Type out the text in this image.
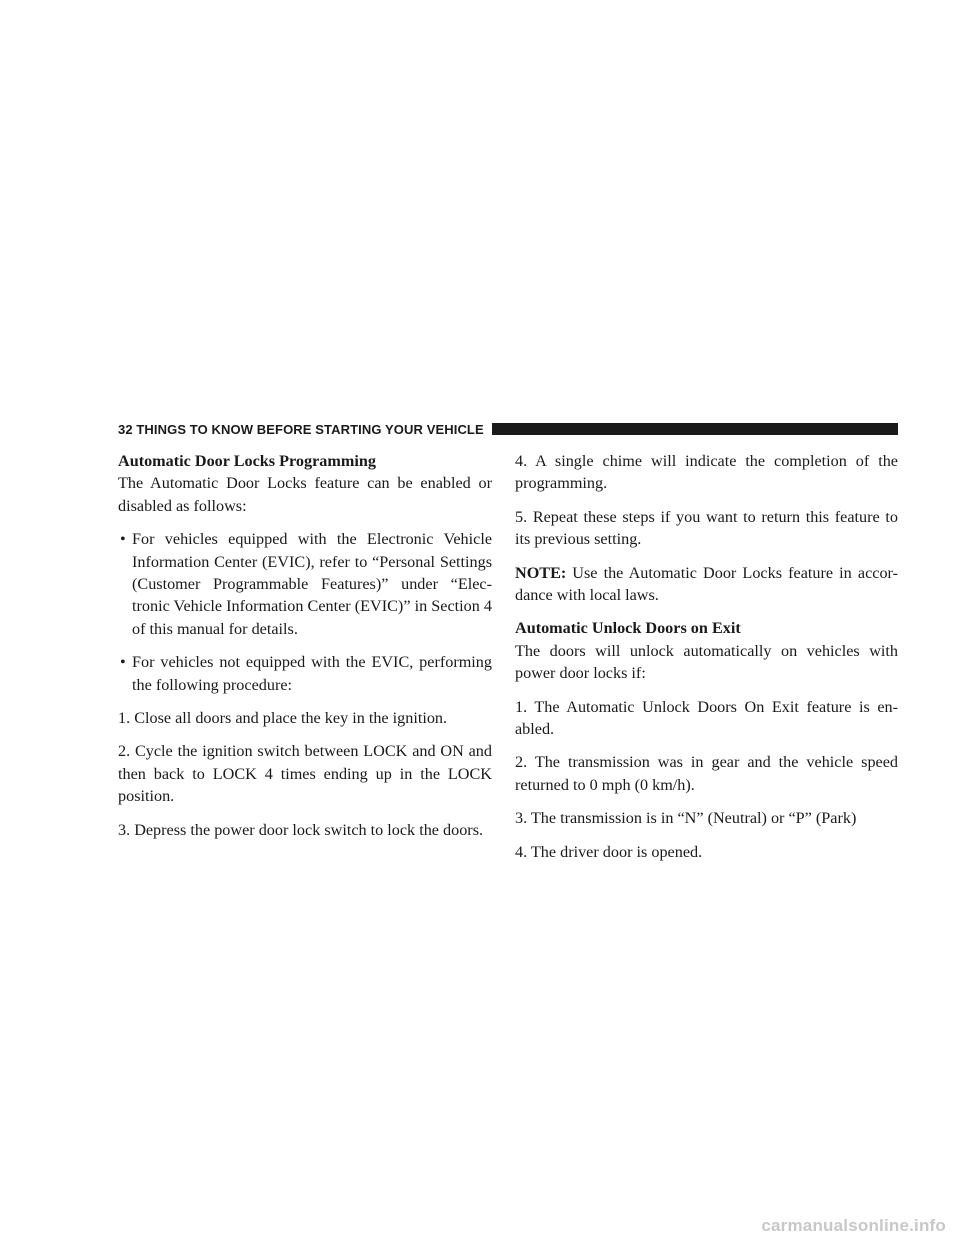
32 THINGS TO KNOW BEFORE STARTING YOUR VEHICLE
Automatic Door Locks Programming

The Automatic Door Locks feature can be enabled or disabled as follows:

• For vehicles equipped with the Electronic Vehicle Information Center (EVIC), refer to “Personal Settings (Customer Programmable Features)” under “Elec- tronic Vehicle Information Center (EVIC)” in Section 4 of this manual for details.
• For vehicles not equipped with the EVIC, performing the following procedure:

1. Close all doors and place the key in the ignition.

2. Cycle the ignition switch between LOCK and ON and then back to LOCK 4 times ending up in the LOCK position.

3. Depress the power door lock switch to lock the doors.

4. A single chime will indicate the completion of the programming.

5. Repeat these steps if you want to return this feature to its previous setting.

NOTE: Use the Automatic Door Locks feature in accor- dance with local laws.

Automatic Unlock Doors on Exit

The doors will unlock automatically on vehicles with power door locks if:

1. The Automatic Unlock Doors On Exit feature is en- abled.

2. The transmission was in gear and the vehicle speed returned to 0 mph (0 km/h).

3. The transmission is in “N” (Neutral) or “P” (Park)

4. The driver door is opened.

carmanualsonline.info
